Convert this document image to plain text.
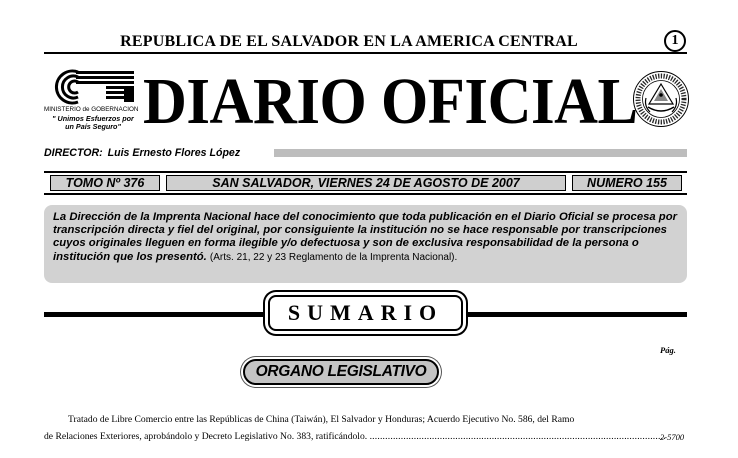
REPUBLICA DE EL SALVADOR EN LA AMERICA CENTRAL	1
MINISTERIO de GOBERNACION
" Unimos Esfuerzos por
un País Seguro" DIARIO OFICIAL
DIRECTOR: Luis Ernesto Flores López
TOMO Nº 376	SAN SALVADOR, VIERNES 24 DE AGOSTO DE 2007	NUMERO 155
La Dirección de la Imprenta Nacional hace del conocimiento que toda publicación en el Diario Oficial se procesa por transcripción directa y fiel del original, por consiguiente la institución no se hace responsable por transcripciones cuyos originales lleguen en forma ilegible y/o defectuosa y son de exclusiva responsabilidad de la persona o institución que los presentó. (Arts. 21, 22 y 23 Reglamento de la Imprenta Nacional).
SUMARIO
Pág.
ORGANO LEGISLATIVO
Tratado de Libre Comercio entre las Repúblicas de China (Taiwán), El Salvador y Honduras; Acuerdo Ejecutivo No. 586, del Ramo
de Relaciones Exteriores, aprobándolo y Decreto Legislativo No. 383, ratificándolo. ..................................................................................................................
2-5700
